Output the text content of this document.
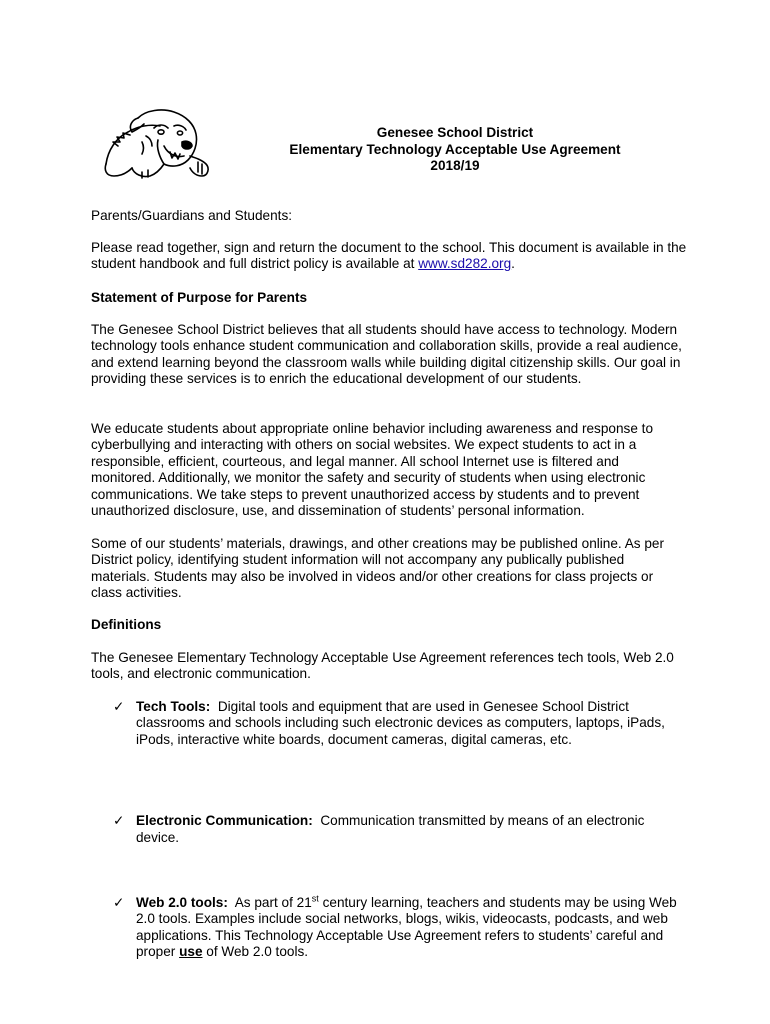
Genesee School District
Elementary Technology Acceptable Use Agreement
2018/19

Parents/Guardians and Students:

Please read together, sign and return the document to the school. This document is available in the student handbook and full district policy is available at www.sd282.org.

Statement of Purpose for Parents

The Genesee School District believes that all students should have access to technology. Modern technology tools enhance student communication and collaboration skills, provide a real audience, and extend learning beyond the classroom walls while building digital citizenship skills. Our goal in providing these services is to enrich the educational development of our students.

We educate students about appropriate online behavior including awareness and response to cyberbullying and interacting with others on social websites. We expect students to act in a responsible, efficient, courteous, and legal manner. All school Internet use is filtered and monitored. Additionally, we monitor the safety and security of students when using electronic communications. We take steps to prevent unauthorized access by students and to prevent unauthorized disclosure, use, and dissemination of students’ personal information.

Some of our students’ materials, drawings, and other creations may be published online. As per District policy, identifying student information will not accompany any publically published materials. Students may also be involved in videos and/or other creations for class projects or class activities.

Definitions

The Genesee Elementary Technology Acceptable Use Agreement references tech tools, Web 2.0 tools, and electronic communication.

✓ Tech Tools: Digital tools and equipment that are used in Genesee School District classrooms and schools including such electronic devices as computers, laptops, iPads, iPods, interactive white boards, document cameras, digital cameras, etc.

✓ Electronic Communication: Communication transmitted by means of an electronic device.

✓ Web 2.0 tools: As part of 21st century learning, teachers and students may be using Web 2.0 tools. Examples include social networks, blogs, wikis, videocasts, podcasts, and web applications. This Technology Acceptable Use Agreement refers to students’ careful and proper use of Web 2.0 tools.
